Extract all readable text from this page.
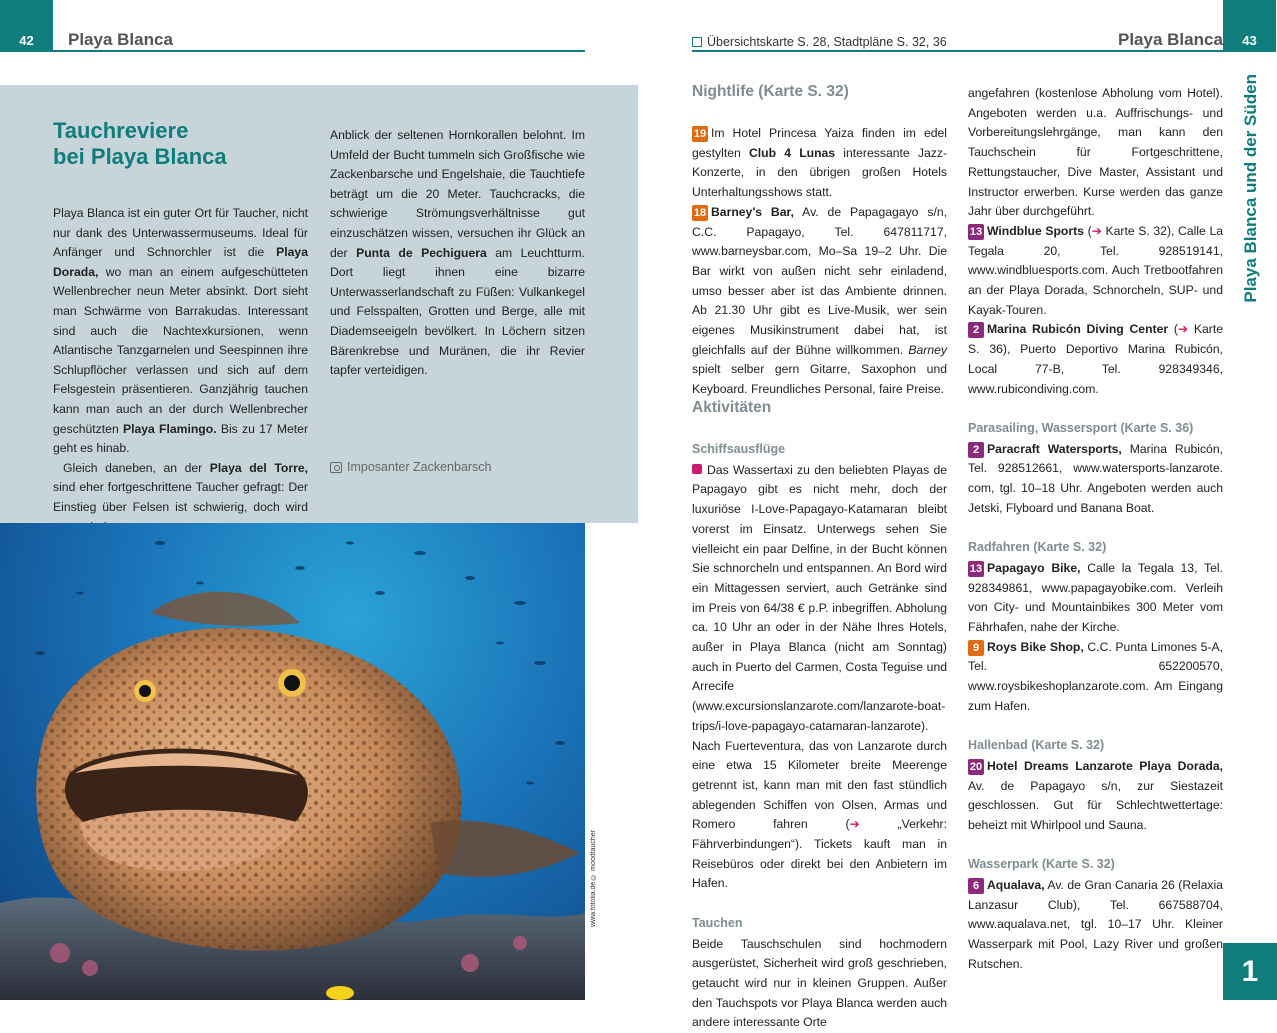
42	Playa Blanca
Tauchreviere
bei Playa Blanca

Playa Blanca ist ein guter Ort für Taucher, nicht nur dank des Unterwassermuseums. Ideal für Anfänger und Schnorchler ist die Playa Dorada, wo man an einem aufgeschütteten Wellenbrecher neun Meter absinkt. Dort sieht man Schwärme von Barrakudas. Interessant sind auch die Nachtexkursionen, wenn Atlantische Tanzgarnelen und Seespinnen ihre Schlupflöcher verlassen und sich auf dem Felsgestein präsentieren. Ganzjährig tauchen kann man auch an der durch Wellenbrecher geschützten Playa Flamingo. Bis zu 17 Meter geht es hinab.

Gleich daneben, an der Playa del Torre, sind eher fortgeschrittene Taucher gefragt: Der Einstieg über Felsen ist schwierig, doch wird

Anblick der seltenen Hornkorallen belohnt. Im Umfeld der Bucht tummeln sich Großfische wie Zackenbarsche und Engelshaie, die Tauchtiefe beträgt um die 20 Meter. Tauchcracks, die schwierige Strömungsverhältnisse gut einzuschätzen wissen, versuchen ihr Glück an der Punta de Pechiguera am Leuchtturm. Dort liegt ihnen eine bizarre Unterwasserlandschaft zu Füßen: Vulkankegel und Felsspalten, Grotten und Berge, alle mit Diademseeigeln bevölkert. In Löchern sitzen Bärenkrebse und Muränen, die ihr Revier tapfer verteidigen.

Imposanter Zackenbarsch
www.fotolia.de © moodtaucher
Übersichtskarte S. 28, Stadtpläne S. 32, 36	Playa Blanca	43
Playa Blanca und der Süden
1
Nightlife (Karte S. 32)

19 Im Hotel Princesa Yaiza finden im edel gestylten Club 4 Lunas interessante Jazz-Konzerte, in den übrigen großen Hotels Unterhaltungsshows statt.

18 Barney's Bar, Av. de Papagagayo s/n, C.C. Papagayo, Tel. 647811717, www.barneysbar.com, Mo–Sa 19–2 Uhr. Die Bar wirkt von außen nicht sehr einladend, umso besser aber ist das Ambiente drinnen. Ab 21.30 Uhr gibt es Live-Musik, wer sein eigenes Musikinstrument dabei hat, ist gleichfalls auf der Bühne willkommen. Barney spielt selber gern Gitarre, Saxophon und Keyboard. Freundliches Personal, faire Preise.

Aktivitäten
Schiffsausflüge

Das Wassertaxi zu den beliebten Playas de Papagayo gibt es nicht mehr, doch der luxuriöse I-Love-Papagayo-Katamaran bleibt vorerst im Einsatz. Unterwegs sehen Sie vielleicht ein paar Delfine, in der Bucht können Sie schnorcheln und entspannen. An Bord wird ein Mittagessen serviert, auch Getränke sind im Preis von 64/38 € p.P. inbegriffen. Abholung ca. 10 Uhr an oder in der Nähe Ihres Hotels, außer in Playa Blanca (nicht am Sonntag) auch in Puerto del Carmen, Costa Teguise und Arrecife (www.excursionslanzarote.com/lanzarote-boat-trips/i-love-papagayo-catamaran-lanzarote). Nach Fuerteventura, das von Lanzarote durch eine etwa 15 Kilometer breite Meerenge getrennt ist, kann man mit den fast stündlich ablegenden Schiffen von Olsen, Armas und Romero fahren (➔ „Verkehr: Fährverbindungen“). Tickets kauft man in Reisebüros oder direkt bei den Anbietern im Hafen.

Tauchen

Beide Tauschschulen sind hochmodern ausgerüstet, Sicherheit wird groß geschrieben, getaucht wird nur in kleinen Gruppen. Außer den Tauchspots vor Playa Blanca werden auch andere interessante Orte

angefahren (kostenlose Abholung vom Hotel). Angeboten werden u.a. Auffrischungs- und Vorbereitungslehrgänge, man kann den Tauchschein für Fortgeschrittene, Rettungstaucher, Dive Master, Assistant und Instructor erwerben. Kurse werden das ganze Jahr über durchgeführt.

13 Windblue Sports (➔ Karte S. 32), Calle La Tegala 20, Tel. 928519141, www.windbluesports.com. Auch Tretbootfahren an der Playa Dorada, Schnorcheln, SUP- und Kayak-Touren.

2 Marina Rubicón Diving Center (➔ Karte S. 36), Puerto Deportivo Marina Rubicón, Local 77-B, Tel. 928349346, www.rubicondiving.com.

Parasailing, Wassersport (Karte S. 36)

2 Paracraft Watersports, Marina Rubicón, Tel. 928512661, www.watersports-lanzarote. com, tgl. 10–18 Uhr. Angeboten werden auch Jetski, Flyboard und Banana Boat.

Radfahren (Karte S. 32)

13 Papagayo Bike, Calle la Tegala 13, Tel. 928349861, www.papagayobike.com. Verleih von City- und Mountainbikes 300 Meter vom Fährhafen, nahe der Kirche.

9 Roys Bike Shop, C.C. Punta Limones 5-A, Tel. 652200570, www.roysbikeshoplanzarote.com. Am Eingang zum Hafen.

Hallenbad (Karte S. 32)

20 Hotel Dreams Lanzarote Playa Dorada, Av. de Papagayo s/n, zur Siestazeit geschlossen. Gut für Schlechtwettertage: beheizt mit Whirlpool und Sauna.

Wasserpark (Karte S. 32)

6 Aqualava, Av. de Gran Canaria 26 (Relaxia Lanzasur Club), Tel. 667588704, www.aqualava.net, tgl. 10–17 Uhr. Kleiner Wasserpark mit Pool, Lazy River und großen Rutschen.
